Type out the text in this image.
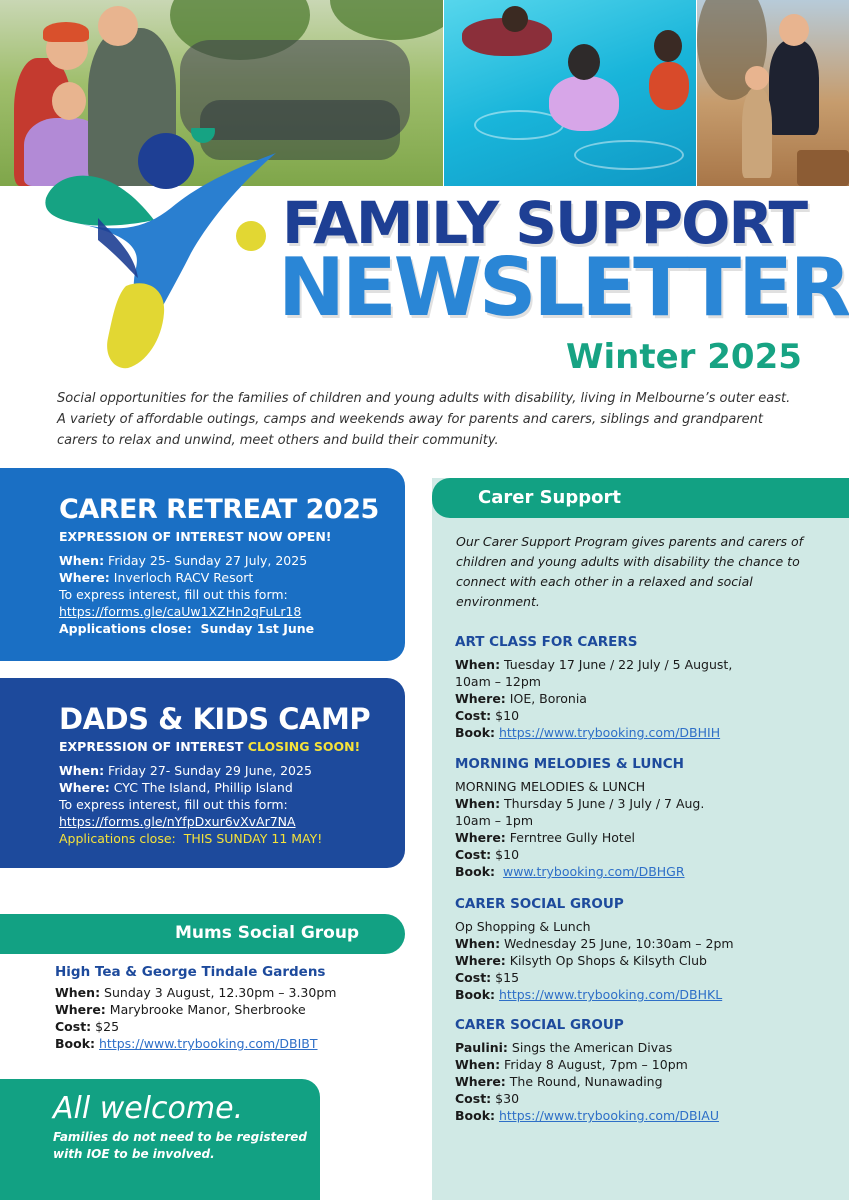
FAMILY SUPPORT
NEWSLETTER
Winter 2025

Social opportunities for the families of children and young adults with disability, living in Melbourne’s outer east. A variety of affordable outings, camps and weekends away for parents and carers, siblings and grandparent carers to relax and unwind, meet others and build their community.

CARER RETREAT 2025
EXPRESSION OF INTEREST NOW OPEN!
When: Friday 25- Sunday 27 July, 2025
Where: Inverloch RACV Resort
To express interest, fill out this form:
https://forms.gle/caUw1XZHn2qFuLr18
Applications close: Sunday 1st June
DADS & KIDS CAMP
EXPRESSION OF INTEREST CLOSING SOON!
When: Friday 27- Sunday 29 June, 2025
Where: CYC The Island, Phillip Island
To express interest, fill out this form:
https://forms.gle/nYfpDxur6vXvAr7NA
Applications close: THIS SUNDAY 11 MAY!
Mums Social Group
High Tea & George Tindale Gardens
When: Sunday 3 August, 12.30pm – 3.30pm
Where: Marybrooke Manor, Sherbrooke
Cost: $25
Book: https://www.trybooking.com/DBIBT
All welcome.
Families do not need to be registered with IOE to be involved.
Carer Support

Our Carer Support Program gives parents and carers of children and young adults with disability the chance to connect with each other in a relaxed and social environment.

ART CLASS FOR CARERS
When: Tuesday 17 June / 22 July / 5 August,
10am – 12pm
Where: IOE, Boronia
Cost: $10
Book: https://www.trybooking.com/DBHIH
MORNING MELODIES & LUNCH
MORNING MELODIES & LUNCH
When: Thursday 5 June / 3 July / 7 Aug.
10am – 1pm
Where: Ferntree Gully Hotel
Cost: $10
Book: www.trybooking.com/DBHGR
CARER SOCIAL GROUP
Op Shopping & Lunch
When: Wednesday 25 June, 10:30am – 2pm
Where: Kilsyth Op Shops & Kilsyth Club
Cost: $15
Book: https://www.trybooking.com/DBHKL
CARER SOCIAL GROUP
Paulini: Sings the American Divas
When: Friday 8 August, 7pm – 10pm
Where: The Round, Nunawading
Cost: $30
Book: https://www.trybooking.com/DBIAU
